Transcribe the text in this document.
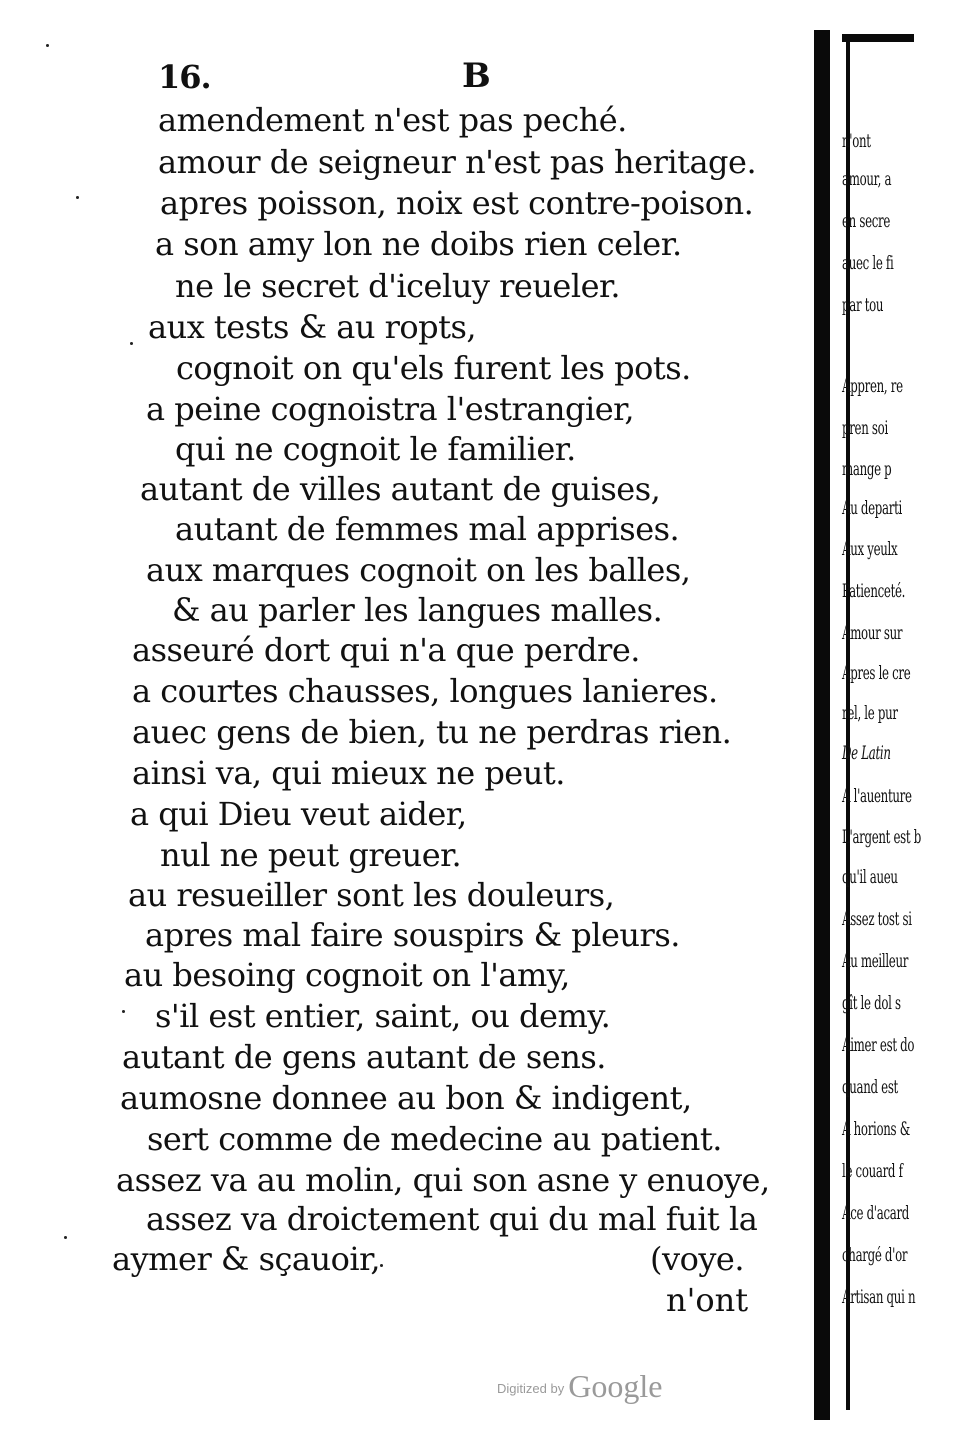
16.	B
amendement n'est pas peché.
amour de seigneur n'est pas heritage.
apres poisson, noix est contre-poison.
a son amy lon ne doibs rien celer.
ne le secret d'iceluy reueler.
aux tests & au ropts,
cognoit on qu'els furent les pots.
a peine cognoistra l'estrangier,
qui ne cognoit le familier.
autant de villes autant de guises,
autant de femmes mal apprises.
aux marques cognoit on les balles,
& au parler les langues malles.
asseuré dort qui n'a que perdre.
a courtes chausses, longues lanieres.
auec gens de bien, tu ne perdras rien.
ainsi va, qui mieux ne peut.
a qui Dieu veut aider,
nul ne peut greuer.
au resueiller sont les douleurs,
apres mal faire souspirs & pleurs.
au besoing cognoit on l'amy,
s'il est entier, saint, ou demy.
autant de gens autant de sens.
aumosne donnee au bon & indigent,
sert comme de medecine au patient.
assez va au molin, qui son asne y enuoye,
assez va droictement qui du mal fuit la
aymer & sçauoir,	(voye.
n'ont
n'ont
amour, a
en secre
auec le fi
par tou
Appren, re
pren soi
mange p
Au departi
Aux yeulx
Patienceté.
Amour sur
Apres le cre
rel, le pur
De Latin
A l'auenture
L'argent est b
qu'il aueu
Assez tost si
Au meilleur
gît le dol s
Aimer est do
quand est
A horions &
le couard f
Ace d'acard
chargé d'or
Artisan qui n
$^{Digitized by}$ Google
